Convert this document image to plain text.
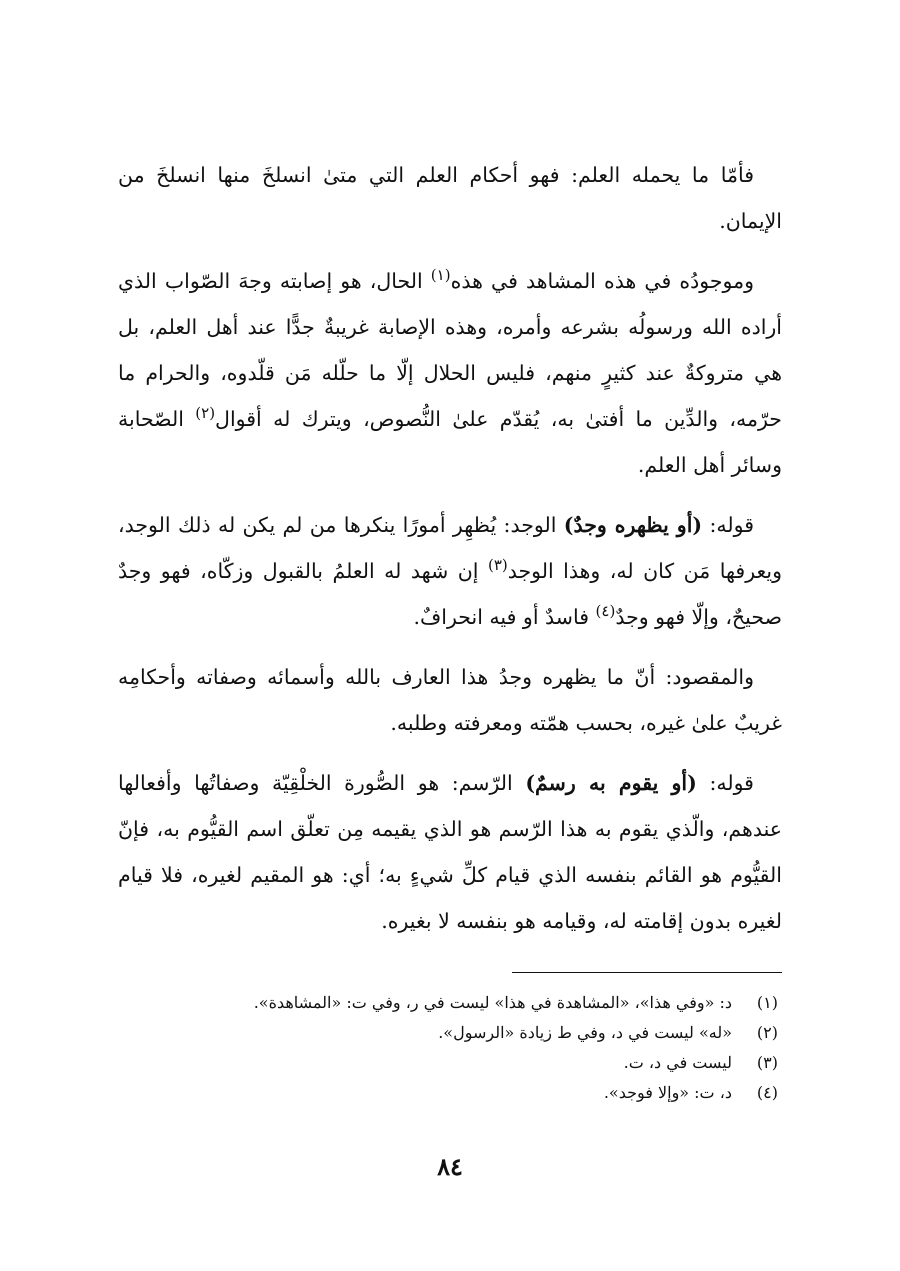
فأمّا ما يحمله العلم: فهو أحكام العلم التي متىٰ انسلخَ منها انسلخَ من الإيمان.

وموجودُه في هذه المشاهد في هذه$^{(١)}$ الحال، هو إصابته وجهَ الصّواب الذي أراده الله ورسولُه بشرعه وأمره، وهذه الإصابة غريبةٌ جدًّا عند أهل العلم، بل هي متروكةٌ عند كثيرٍ منهم، فليس الحلال إلّا ما حلّله مَن قلّدوه، والحرام ما حرّمه، والدِّين ما أفتىٰ به، يُقدّم علىٰ النُّصوص، ويترك له أقوال$^{(٢)}$ الصّحابة وسائر أهل العلم.

قوله: (أو يظهره وجدٌ) الوجد: يُظهِر أمورًا ينكرها من لم يكن له ذلك الوجد، ويعرفها مَن كان له، وهذا الوجد$^{(٣)}$ إن شهد له العلمُ بالقبول وزكّاه، فهو وجدٌ صحيحٌ، وإلّا فهو وجدٌ$^{(٤)}$ فاسدٌ أو فيه انحرافٌ.

والمقصود: أنّ ما يظهره وجدُ هذا العارف بالله وأسمائه وصفاته وأحكامِه غريبٌ علىٰ غيره، بحسب همّته ومعرفته وطلبه.

قوله: (أو يقوم به رسمٌ) الرّسم: هو الصُّورة الخلْقِيّة وصفاتُها وأفعالها عندهم، والّذي يقوم به هذا الرّسم هو الذي يقيمه مِن تعلّق اسم القيُّوم به، فإنّ القيُّوم هو القائم بنفسه الذي قيام كلِّ شيءٍ به؛ أي: هو المقيم لغيره، فلا قيام لغيره بدون إقامته له، وقيامه هو بنفسه لا بغيره.

(١)
د: «وفي هذا»، «المشاهدة في هذا» ليست في ر، وفي ت: «المشاهدة».
(٢)
«له» ليست في د، وفي ط زيادة «الرسول».
(٣)
ليست في د، ت.
(٤)
د، ت: «وإلا فوجد».
٨٤
